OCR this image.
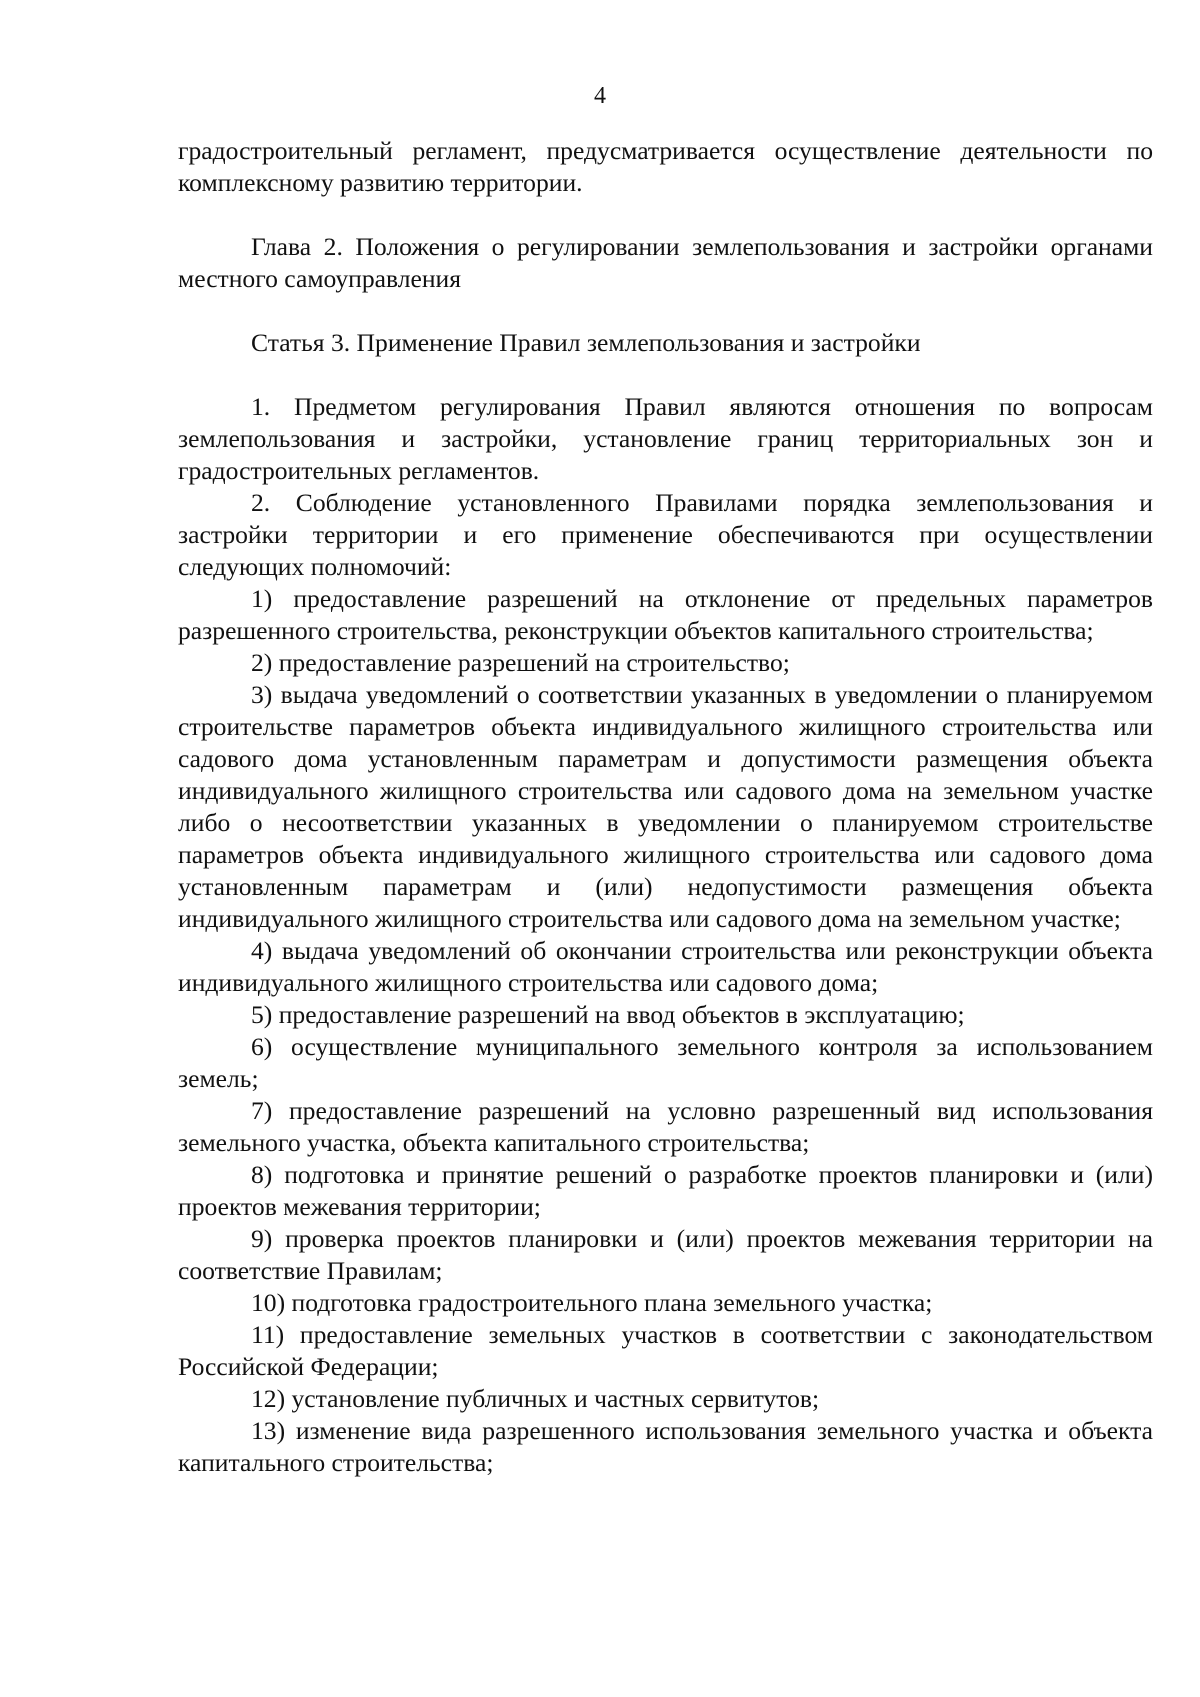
4

градостроительный регламент, предусматривается осуществление деятельности по комплексному развитию территории.

Глава 2. Положения о регулировании землепользования и застройки органами местного самоуправления

Статья 3. Применение Правил землепользования и застройки

1. Предметом регулирования Правил являются отношения по вопросам землепользования и застройки, установление границ территориальных зон и градостроительных регламентов.

2. Соблюдение установленного Правилами порядка землепользования и застройки территории и его применение обеспечиваются при осуществлении следующих полномочий:

1) предоставление разрешений на отклонение от предельных параметров разрешенного строительства, реконструкции объектов капитального строительства;

2) предоставление разрешений на строительство;

3) выдача уведомлений о соответствии указанных в уведомлении о планируемом строительстве параметров объекта индивидуального жилищного строительства или садового дома установленным параметрам и допустимости размещения объекта индивидуального жилищного строительства или садового дома на земельном участке либо о несоответствии указанных в уведомлении о планируемом строительстве параметров объекта индивидуального жилищного строительства или садового дома установленным параметрам и (или) недопустимости размещения объекта индивидуального жилищного строительства или садового дома на земельном участке;

4) выдача уведомлений об окончании строительства или реконструкции объекта индивидуального жилищного строительства или садового дома;

5) предоставление разрешений на ввод объектов в эксплуатацию;

6) осуществление муниципального земельного контроля за использованием земель;

7) предоставление разрешений на условно разрешенный вид использования земельного участка, объекта капитального строительства;

8) подготовка и принятие решений о разработке проектов планировки и (или) проектов межевания территории;

9) проверка проектов планировки и (или) проектов межевания территории на соответствие Правилам;

10) подготовка градостроительного плана земельного участка;

11) предоставление земельных участков в соответствии с законодательством Российской Федерации;

12) установление публичных и частных сервитутов;

13) изменение вида разрешенного использования земельного участка и объекта капитального строительства;
